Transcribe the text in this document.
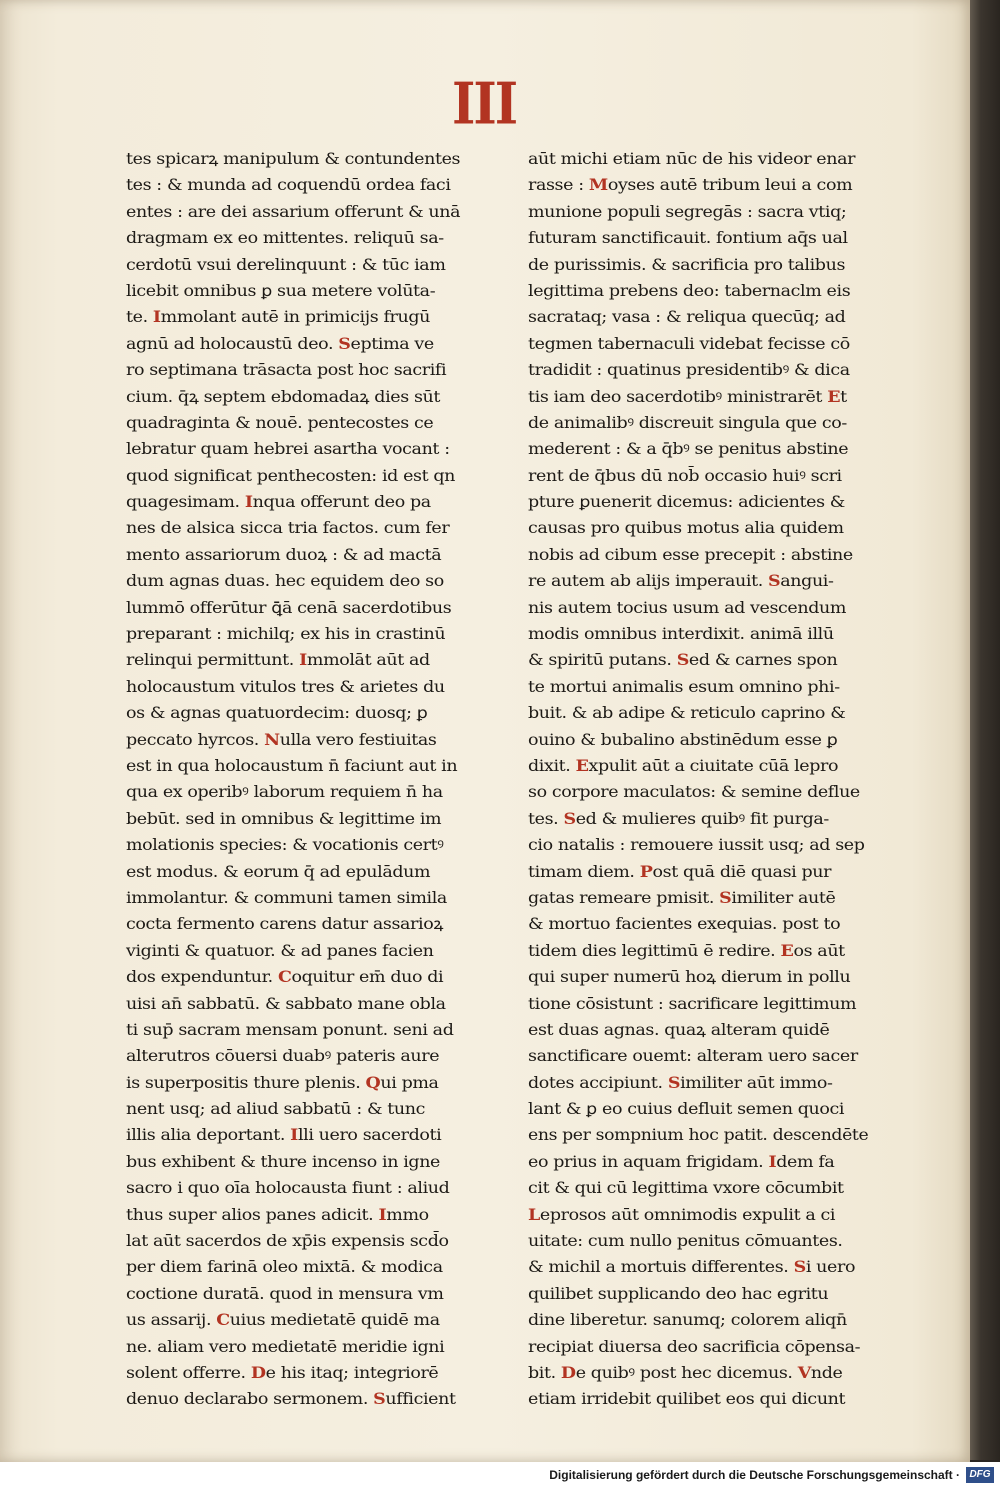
III
tes spicarꝝ manipulum & contundentes
tes : & munda ad coquendū ordea faci
entes : are dei assarium offerunt & unā
dragmam ex eo mittentes. reliquū sa-
cerdotū vsui derelinquunt : & tūc iam
licebit omnibus ꝑ sua metere volūta-
te. Immolant autē in primicijs frugū
agnū ad holocaustū deo. Septima ve
ro septimana trāsacta post hoc sacrifi
cium. q̄ꝝ septem ebdomadaꝝ dies sūt
quadraginta & nouē. pentecostes ce
lebratur quam hebrei asartha vocant :
quod significat penthecosten: id est qn
quagesimam. Inqua offerunt deo pa
nes de alsica sicca tria factos. cum fer
mento assariorum duoꝝ : & ad mactā
dum agnas duas. hec equidem deo so
lummō offerūtur ꝗ̄ā cenā sacerdotibus
preparant : michilq; ex his in crastinū
relinqui permittunt. Immolāt aūt ad
holocaustum vitulos tres & arietes du
os & agnas quatuordecim: duosq; ꝑ
peccato hyrcos. Nulla vero festiuitas
est in qua holocaustum n̄ faciunt aut in
qua ex operibꝰ laborum requiem n̄ ha
bebūt. sed in omnibus & legittime im
molationis species: & vocationis certꝰ
est modus. & eorum q̄ ad epulādum
immolantur. & communi tamen simila
cocta fermento carens datur assarioꝝ
viginti & quatuor. & ad panes facien
dos expenduntur. Coquitur em̄ duo di
uisi an̄ sabbatū. & sabbato mane obla
ti sup̄ sacram mensam ponunt. seni ad
alterutros cōuersi duabꝰ pateris aure
is superpositis thure plenis. Qui pma
nent usq; ad aliud sabbatū : & tunc
illis alia deportant. Illi uero sacerdoti
bus exhibent & thure incenso in igne
sacro i quo oīa holocausta fiunt : aliud
thus super alios panes adicit. Immo
lat aūt sacerdos de xp̄is expensis scd̄o
per diem farinā oleo mixtā. & modica
coctione duratā. quod in mensura vm
us assarij. Cuius medietatē quidē ma
ne. aliam vero medietatē meridie igni
solent offerre. De his itaq; integriorē
denuo declarabo sermonem. Sufficient
aūt michi etiam nūc de his videor enar
rasse : Moyses autē tribum leui a com
munione populi segregās : sacra vtiq;
futuram sanctificauit. fontium aq̄s ual
de purissimis. & sacrificia pro talibus
legittima prebens deo: tabernaclm eis
sacrataq; vasa : & reliqua quecūq; ad
tegmen tabernaculi videbat fecisse cō
tradidit : quatinus presidentibꝰ & dica
tis iam deo sacerdotibꝰ ministrarēt Et
de animalibꝰ discreuit singula que co-
mederent : & a q̄bꝰ se penitus abstine
rent de q̄bus dū nob̄ occasio huiꝰ scri
pture ꝑuenerit dicemus: adicientes &
causas pro quibus motus alia quidem
nobis ad cibum esse precepit : abstine
re autem ab alijs imperauit. Sangui-
nis autem tocius usum ad vescendum
modis omnibus interdixit. animā illū
& spiritū putans. Sed & carnes spon
te mortui animalis esum omnino phi-
buit. & ab adipe & reticulo caprino &
ouino & bubalino abstinēdum esse ꝑ
dixit. Expulit aūt a ciuitate cūā lepro
so corpore maculatos: & semine deflue
tes. Sed & mulieres quibꝰ fit purga-
cio natalis : remouere iussit usq; ad sep
timam diem. Post quā diē quasi pur
gatas remeare pmisit. Similiter autē
& mortuo facientes exequias. post to
tidem dies legittimū ē redire. Eos aūt
qui super numerū hoꝝ dierum in pollu
tione cōsistunt : sacrificare legittimum
est duas agnas. quaꝝ alteram quidē
sanctificare ouemt: alteram uero sacer
dotes accipiunt. Similiter aūt immo-
lant & ꝑ eo cuius defluit semen quoci
ens per sompnium hoc patit. descendēte
eo prius in aquam frigidam. Idem fa
cit & qui cū legittima vxore cōcumbit
Leprosos aūt omnimodis expulit a ci
uitate: cum nullo penitus cōmuantes.
& michil a mortuis differentes. Si uero
quilibet supplicando deo hac egritu
dine liberetur. sanumq; colorem aliqn̄
recipiat diuersa deo sacrificia cōpensa-
bit. De quibꝰ post hec dicemus. Vnde
etiam irridebit quilibet eos qui dicunt
Digitalisierung gefördert durch die Deutsche Forschungsgemeinschaft · DFG
